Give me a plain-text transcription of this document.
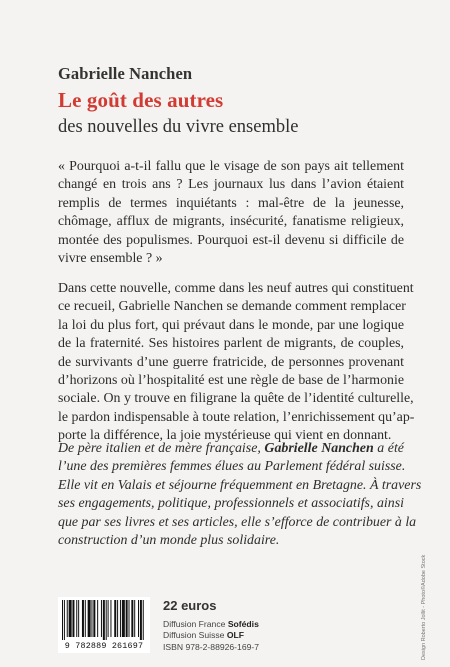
Gabrielle Nanchen
Le goût des autres
des nouvelles du vivre ensemble
« Pourquoi a-t-il fallu que le visage de son pays ait tellement
changé en trois ans ? Les journaux lus dans l’avion étaient
remplis de termes inquiétants : mal-être de la jeunesse,
chômage, afflux de migrants, insécurité, fanatisme religieux,
montée des populismes. Pourquoi est-il devenu si difficile de
vivre ensemble ? »
Dans cette nouvelle, comme dans les neuf autres qui constituent
ce recueil, Gabrielle Nanchen se demande comment remplacer
la loi du plus fort, qui prévaut dans le monde, par une logique
de la fraternité. Ses histoires parlent de migrants, de couples,
de survivants d’une guerre fratricide, de personnes provenant
d’horizons où l’hospitalité est une règle de base de l’harmonie
sociale. On y trouve en filigrane la quête de l’identité culturelle,
le pardon indispensable à toute relation, l’enrichissement qu’ap-
porte la différence, la joie mystérieuse qui vient en donnant.
De père italien et de mère française, Gabrielle Nanchen a été
l’une des premières femmes élues au Parlement fédéral suisse.
Elle vit en Valais et séjourne fréquemment en Bretagne. À travers
ses engagements, politique, professionnels et associatifs, ainsi
que par ses livres et ses articles, elle s’efforce de contribuer à la
construction d’un monde plus solidaire.
Design Roberto Jollit - Photo©Adobe Stock
9 782889 261697
22 euros
Diffusion France Sofédis
Diffusion Suisse OLF
ISBN 978-2-88926-169-7
